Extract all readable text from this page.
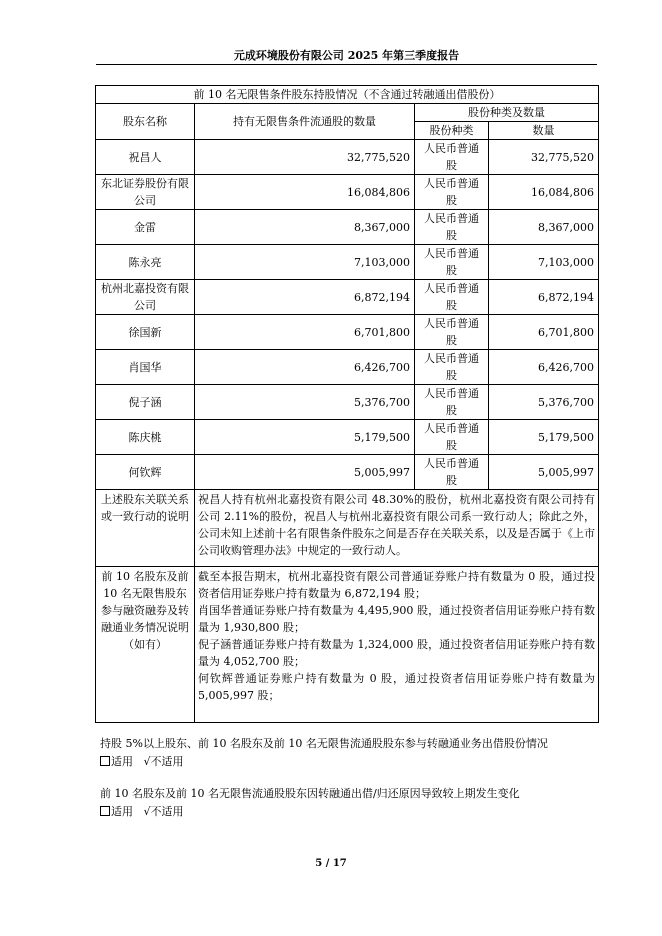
元成环境股份有限公司 2025 年第三季度报告
前 10 名无限售条件股东持股情况（不含通过转融通出借股份）			
股东名称	持有无限售条件流通股的数量	股份种类及数量	
		股份种类	数量
祝昌人	32,775,520	人民币普通股	32,775,520
东北证券股份有限公司	16,084,806	人民币普通股	16,084,806
金雷	8,367,000	人民币普通股	8,367,000
陈永亮	7,103,000	人民币普通股	7,103,000
杭州北嘉投资有限公司	6,872,194	人民币普通股	6,872,194
徐国新	6,701,800	人民币普通股	6,701,800
肖国华	6,426,700	人民币普通股	6,426,700
倪子涵	5,376,700	人民币普通股	5,376,700
陈庆桃	5,179,500	人民币普通股	5,179,500
何钦辉	5,005,997	人民币普通股	5,005,997
上述股东关联关系或一致行动的说明	祝昌人持有杭州北嘉投资有限公司 48.30%的股份，杭州北嘉投资有限公司持有公司 2.11%的股份，祝昌人与杭州北嘉投资有限公司系一致行动人；除此之外，公司未知上述前十名有限售条件股东之间是否存在关联关系，以及是否属于《上市公司收购管理办法》中规定的一致行动人。		
前 10 名股东及前 10 名无限售股东参与融资融券及转融通业务情况说明（如有）	截至本报告期末，杭州北嘉投资有限公司普通证券账户持有数量为 0 股，通过投资者信用证券账户持有数量为 6,872,194 股；
肖国华普通证券账户持有数量为 4,495,900 股，通过投资者信用证券账户持有数量为 1,930,800 股；
倪子涵普通证券账户持有数量为 1,324,000 股，通过投资者信用证券账户持有数量为 4,052,700 股；
何钦辉普通证券账户持有数量为 0 股，通过投资者信用证券账户持有数量为 5,005,997 股；		
持股 5%以上股东、前 10 名股东及前 10 名无限售流通股股东参与转融通业务出借股份情况
适用 √不适用
前 10 名股东及前 10 名无限售流通股股东因转融通出借/归还原因导致较上期发生变化
适用 √不适用
5 / 17
